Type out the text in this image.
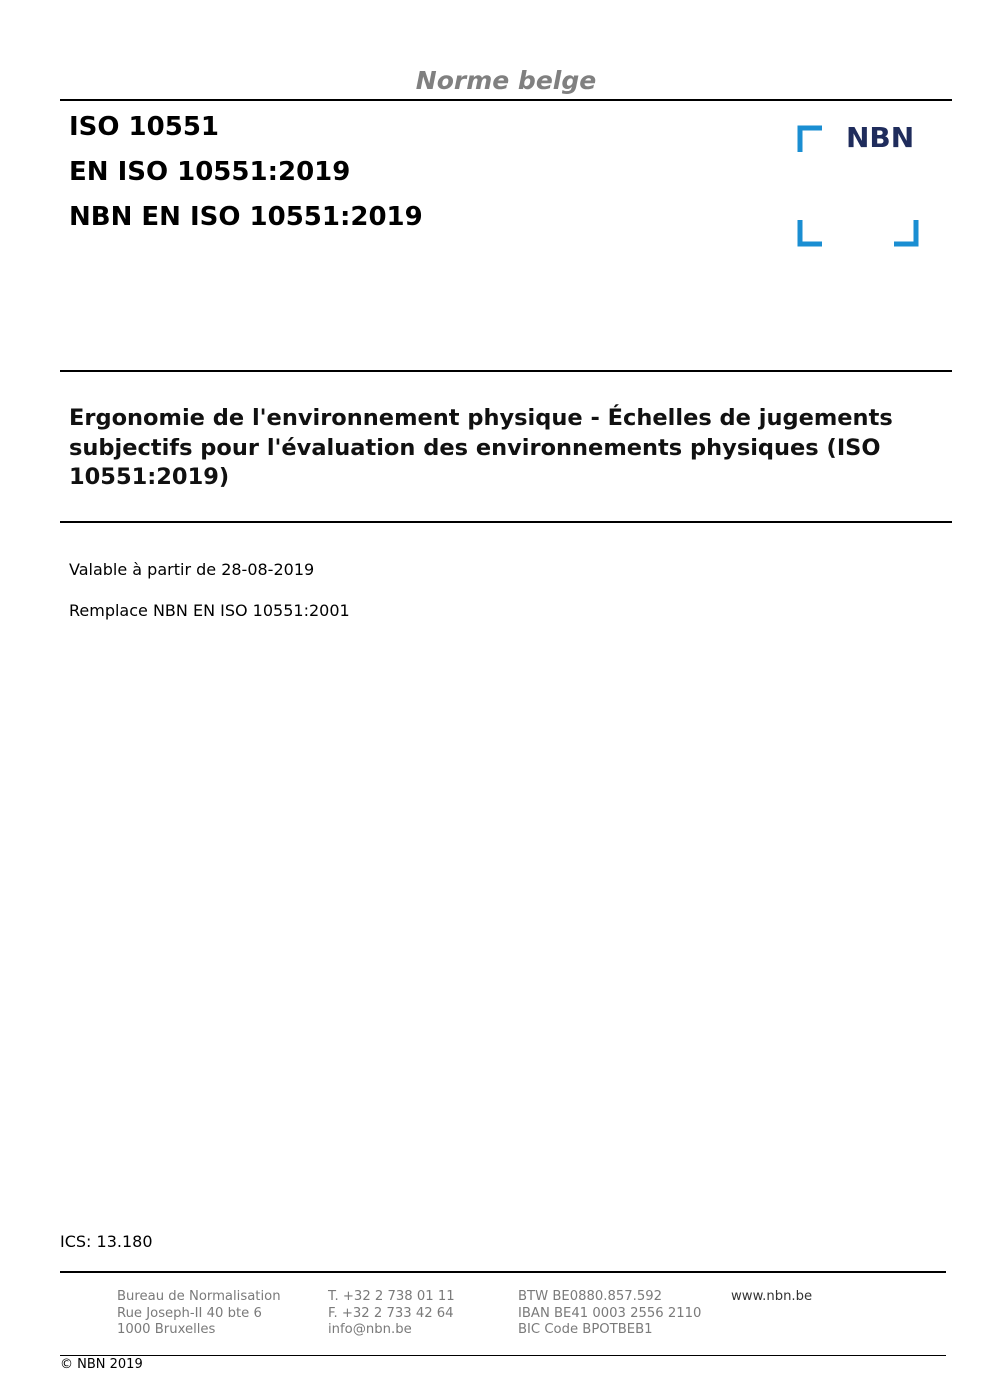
Norme belge
ISO 10551
EN ISO 10551:2019
NBN EN ISO 10551:2019
NBN
Ergonomie de l'environnement physique - Échelles de jugements subjectifs pour l'évaluation des environnements physiques (ISO 10551:2019)
Valable à partir de 28-08-2019
Remplace NBN EN ISO 10551:2001
ICS: 13.180
Bureau de Normalisation
Rue Joseph-II 40 bte 6
1000 Bruxelles
T. +32 2 738 01 11
F. +32 2 733 42 64
info@nbn.be
BTW BE0880.857.592
IBAN BE41 0003 2556 2110
BIC Code BPOTBEB1
www.nbn.be
© NBN 2019
